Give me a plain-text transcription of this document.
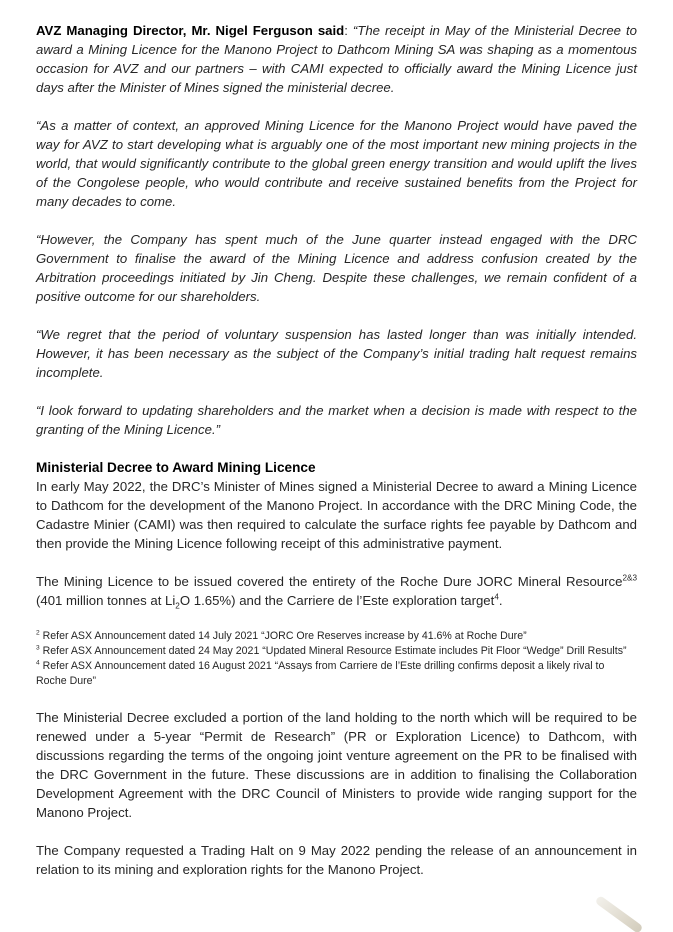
AVZ Managing Director, Mr. Nigel Ferguson said: “The receipt in May of the Ministerial Decree to award a Mining Licence for the Manono Project to Dathcom Mining SA was shaping as a momentous occasion for AVZ and our partners – with CAMI expected to officially award the Mining Licence just days after the Minister of Mines signed the ministerial decree.

“As a matter of context, an approved Mining Licence for the Manono Project would have paved the way for AVZ to start developing what is arguably one of the most important new mining projects in the world, that would significantly contribute to the global green energy transition and would uplift the lives of the Congolese people, who would contribute and receive sustained benefits from the Project for many decades to come.

“However, the Company has spent much of the June quarter instead engaged with the DRC Government to finalise the award of the Mining Licence and address confusion created by the Arbitration proceedings initiated by Jin Cheng. Despite these challenges, we remain confident of a positive outcome for our shareholders.

“We regret that the period of voluntary suspension has lasted longer than was initially intended. However, it has been necessary as the subject of the Company’s initial trading halt request remains incomplete.

“I look forward to updating shareholders and the market when a decision is made with respect to the granting of the Mining Licence.”

Ministerial Decree to Award Mining Licence

In early May 2022, the DRC’s Minister of Mines signed a Ministerial Decree to award a Mining Licence to Dathcom for the development of the Manono Project. In accordance with the DRC Mining Code, the Cadastre Minier (CAMI) was then required to calculate the surface rights fee payable by Dathcom and then provide the Mining Licence following receipt of this administrative payment.

The Mining Licence to be issued covered the entirety of the Roche Dure JORC Mineral Resource$^{2\&3}$ (401 million tonnes at $Li_2O$ 1.65%) and the Carriere de l’Este exploration target$^4$.

$^2$ Refer ASX Announcement dated 14 July 2021 “JORC Ore Reserves increase by 41.6% at Roche Dure”
$^3$ Refer ASX Announcement dated 24 May 2021 “Updated Mineral Resource Estimate includes Pit Floor “Wedge” Drill Results”
$^4$ Refer ASX Announcement dated 16 August 2021 “Assays from Carriere de l’Este drilling confirms deposit a likely rival to Roche Dure”

The Ministerial Decree excluded a portion of the land holding to the north which will be required to be renewed under a 5-year “Permit de Research” (PR or Exploration Licence) to Dathcom, with discussions regarding the terms of the ongoing joint venture agreement on the PR to be finalised with the DRC Government in the future. These discussions are in addition to finalising the Collaboration Development Agreement with the DRC Council of Ministers to provide wide ranging support for the Manono Project.

The Company requested a Trading Halt on 9 May 2022 pending the release of an announcement in relation to its mining and exploration rights for the Manono Project.
